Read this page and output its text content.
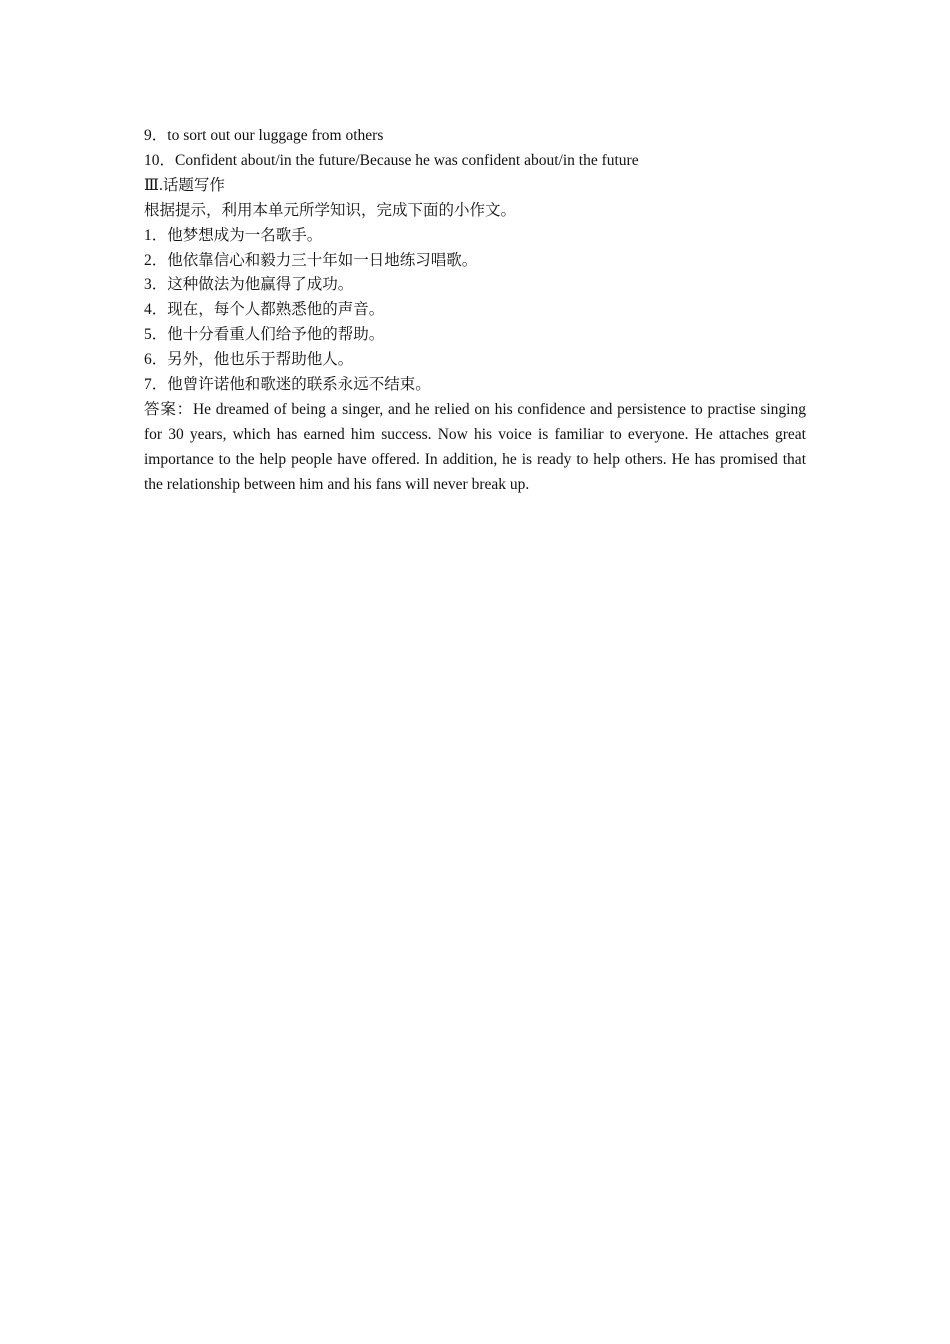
9．to sort out our luggage from others

10．Confident about/in the future/Because he was confident about/in the future

Ⅲ.话题写作

根据提示，利用本单元所学知识，完成下面的小作文。

1．他梦想成为一名歌手。

2．他依靠信心和毅力三十年如一日地练习唱歌。

3．这种做法为他赢得了成功。

4．现在，每个人都熟悉他的声音。

5．他十分看重人们给予他的帮助。

6．另外，他也乐于帮助他人。

7．他曾许诺他和歌迷的联系永远不结束。

答案：He dreamed of being a singer, and he relied on his confidence and persistence to practise singing for 30 years, which has earned him success. Now his voice is familiar to everyone. He attaches great importance to the help people have offered. In addition, he is ready to help others. He has promised that the relationship between him and his fans will never break up.
